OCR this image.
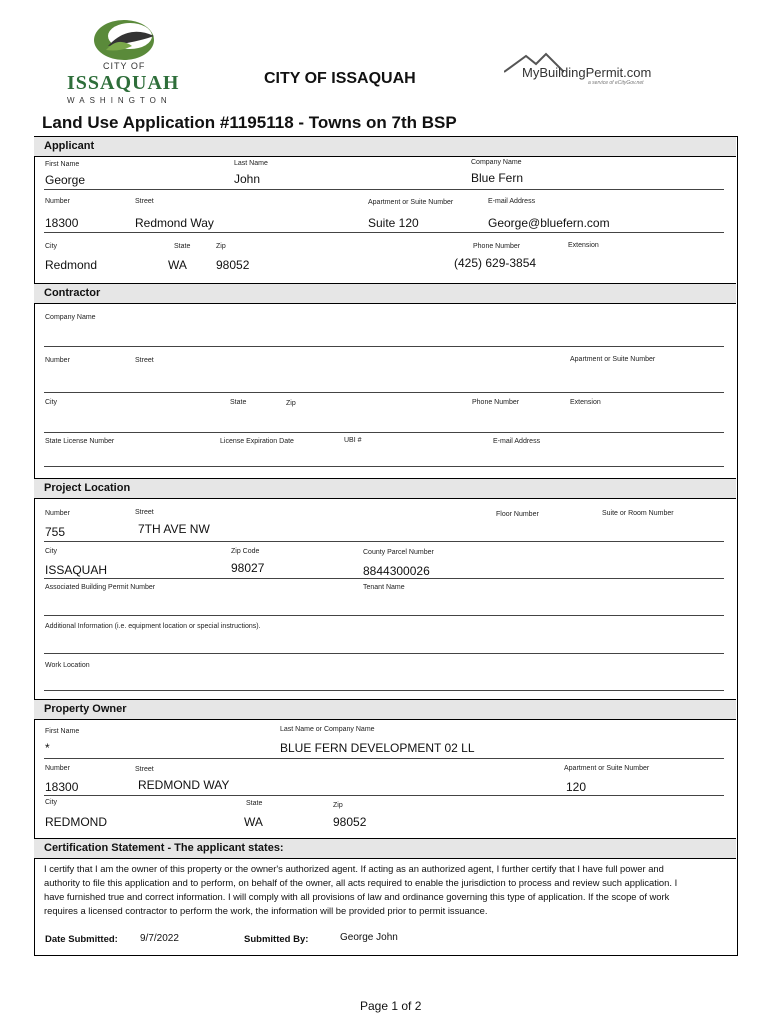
CITY OF
ISSAQUAH
WASHINGTON
CITY OF ISSAQUAH	MyBuildingPermit.com
a service of eCityGov.net
Land Use Application #1195118 - Towns on 7th BSP
Applicant
First Name	Last Name	Company Name
George	John	Blue Fern
Number	Street	Apartment or Suite Number	E-mail Address
18300	Redmond Way	Suite 120	George@bluefern.com
City	State	Zip	Phone Number	Extension
Redmond	WA 98052	(425) 629-3854
Contractor
Company Name
Number	Street	Apartment or Suite Number
City	State	Zip	Phone Number	Extension
State License Number	License Expiration Date	UBI #	E-mail Address
Project Location
Number	Street	Floor Number	Suite or Room Number
755	7TH AVE NW
City	Zip Code	County Parcel Number
ISSAQUAH	98027	8844300026
Associated Building Permit Number	Tenant Name
Additional Information (i.e. equipment location or special instructions).
Work Location
Property Owner
First Name	Last Name or Company Name
*	BLUE FERN DEVELOPMENT 02 LL
Number	Street	Apartment or Suite Number
18300	REDMOND WAY	120
City	State	Zip
REDMOND	WA	98052
Certification Statement - The applicant states:
I certify that I am the owner of this property or the owner's authorized agent. If acting as an authorized agent, I further certify that I have full power and
authority to file this application and to perform, on behalf of the owner, all acts required to enable the jurisdiction to process and review such application. I
have furnished true and correct information. I will comply with all provisions of law and ordinance governing this type of application. If the scope of work
requires a licensed contractor to perform the work, the information will be provided prior to permit issuance.
Date Submitted: 9/7/2022	Submitted By:	George John
Page 1 of 2
